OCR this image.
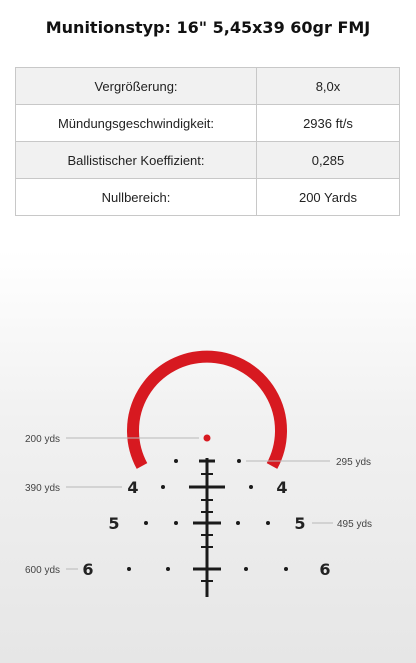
Munitionstyp: 16" 5,45x39 60gr FMJ
Vergrößerung:	8,0x
Mündungsgeschwindigkeit:	2936 ft/s
Ballistischer Koeffizient:	0,285
Nullbereich:	200 Yards
4	4
5	5
6	6
200 yds
295 yds
390 yds
495 yds
600 yds
